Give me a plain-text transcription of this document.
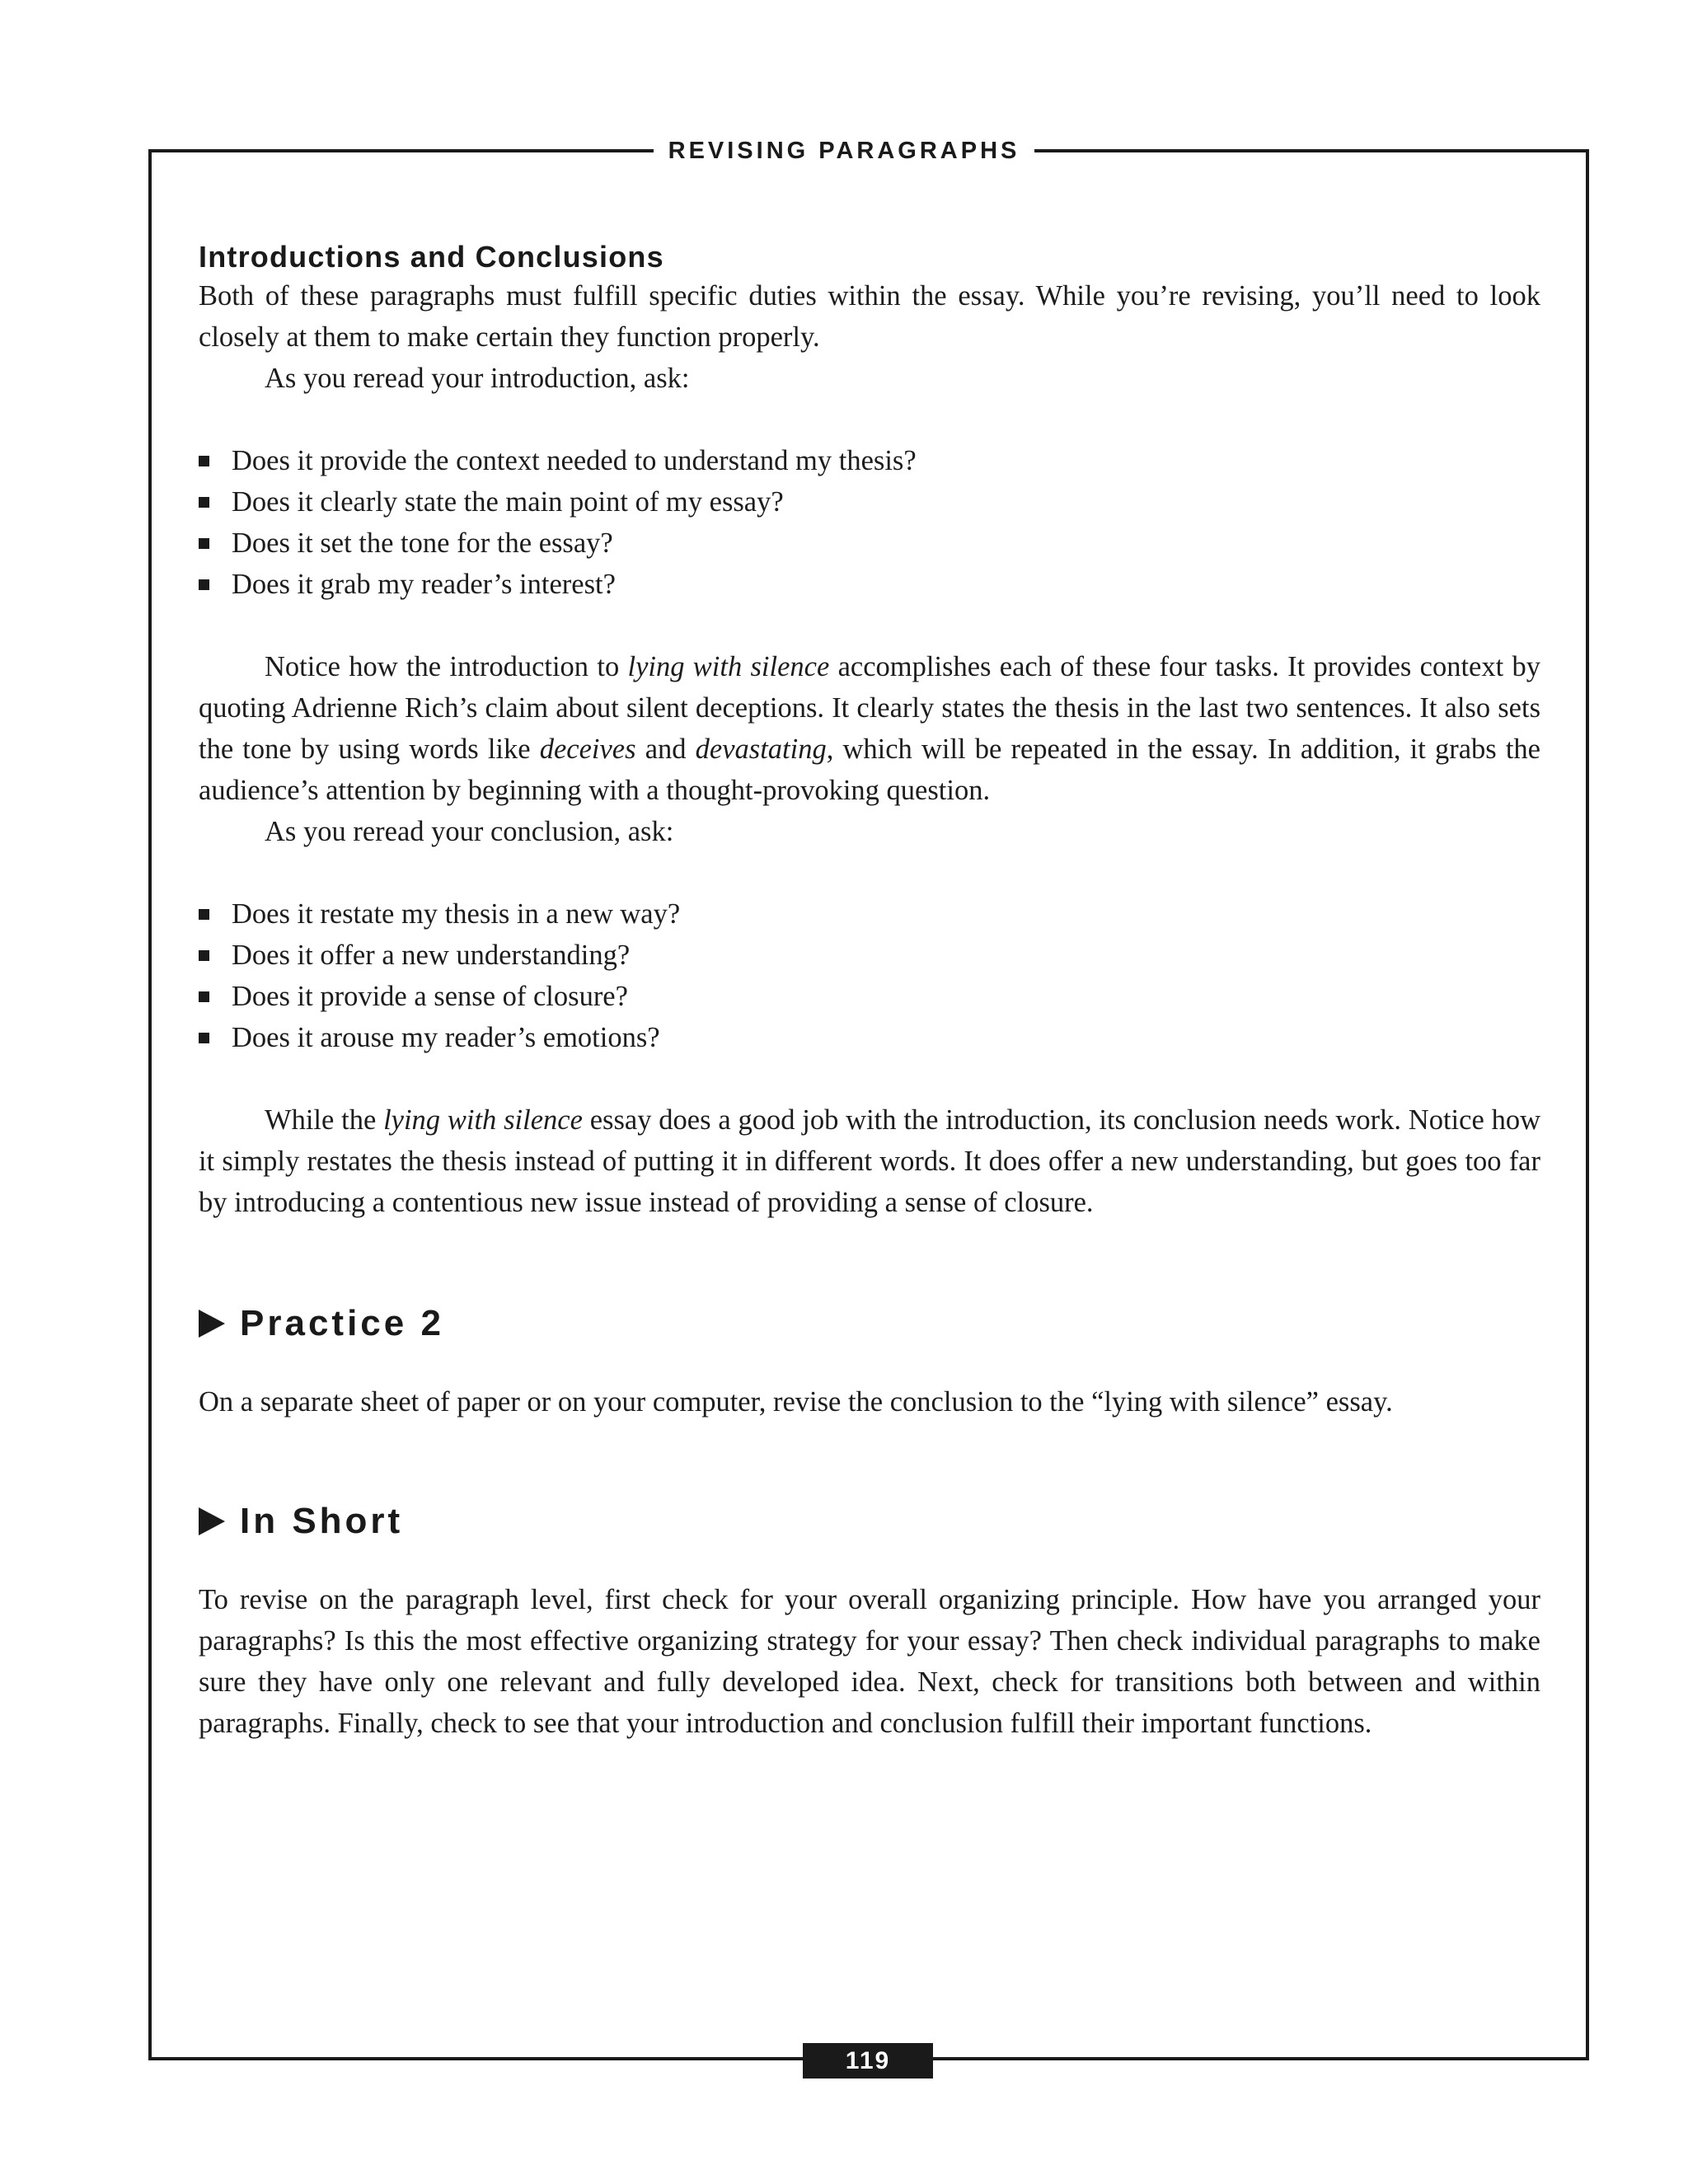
REVISING PARAGRAPHS
Introductions and Conclusions

Both of these paragraphs must fulfill specific duties within the essay. While you’re revising, you’ll need to look closely at them to make certain they function properly.

As you reread your introduction, ask:

Does it provide the context needed to understand my thesis?
Does it clearly state the main point of my essay?
Does it set the tone for the essay?
Does it grab my reader’s interest?

Notice how the introduction to lying with silence accomplishes each of these four tasks. It provides context by quoting Adrienne Rich’s claim about silent deceptions. It clearly states the thesis in the last two sentences. It also sets the tone by using words like deceives and devastating, which will be repeated in the essay. In addition, it grabs the audience’s attention by beginning with a thought-provoking question.

As you reread your conclusion, ask:

Does it restate my thesis in a new way?
Does it offer a new understanding?
Does it provide a sense of closure?
Does it arouse my reader’s emotions?

While the lying with silence essay does a good job with the introduction, its conclusion needs work. Notice how it simply restates the thesis instead of putting it in different words. It does offer a new understanding, but goes too far by introducing a contentious new issue instead of providing a sense of closure.

Practice 2

On a separate sheet of paper or on your computer, revise the conclusion to the “lying with silence” essay.

In Short

To revise on the paragraph level, first check for your overall organizing principle. How have you arranged your paragraphs? Is this the most effective organizing strategy for your essay? Then check individual paragraphs to make sure they have only one relevant and fully developed idea. Next, check for transitions both between and within paragraphs. Finally, check to see that your introduction and conclusion fulfill their important functions.

119
